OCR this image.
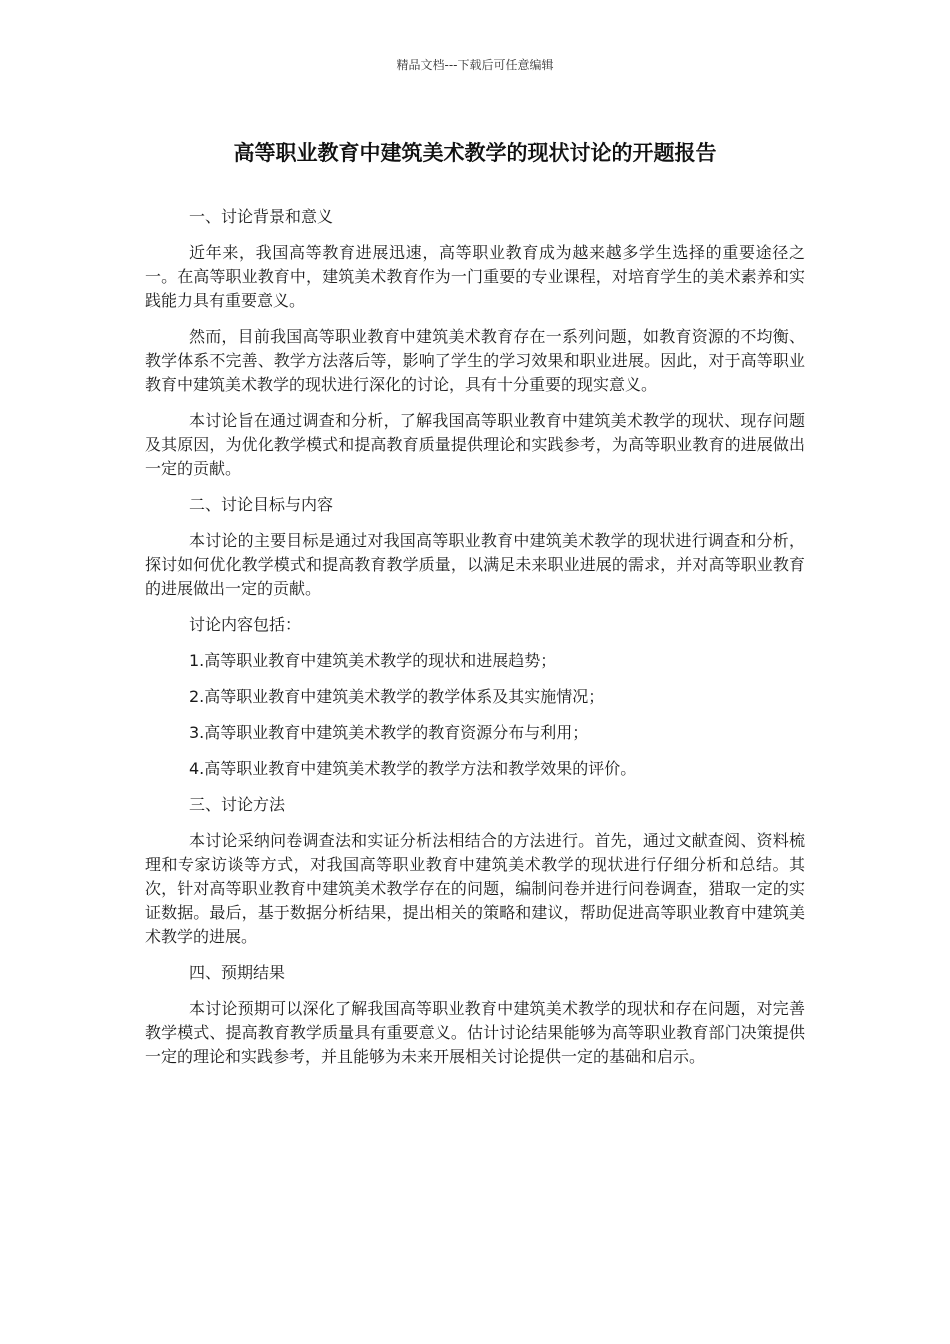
精品文档---下载后可任意编辑
高等职业教育中建筑美术教学的现状讨论的开题报告

一、讨论背景和意义

近年来，我国高等教育进展迅速，高等职业教育成为越来越多学生选择的重要途径之一。在高等职业教育中，建筑美术教育作为一门重要的专业课程，对培育学生的美术素养和实践能力具有重要意义。

然而，目前我国高等职业教育中建筑美术教育存在一系列问题，如教育资源的不均衡、教学体系不完善、教学方法落后等，影响了学生的学习效果和职业进展。因此，对于高等职业教育中建筑美术教学的现状进行深化的讨论，具有十分重要的现实意义。

本讨论旨在通过调查和分析，了解我国高等职业教育中建筑美术教学的现状、现存问题及其原因，为优化教学模式和提高教育质量提供理论和实践参考，为高等职业教育的进展做出一定的贡献。

二、讨论目标与内容

本讨论的主要目标是通过对我国高等职业教育中建筑美术教学的现状进行调查和分析，探讨如何优化教学模式和提高教育教学质量，以满足未来职业进展的需求，并对高等职业教育的进展做出一定的贡献。

讨论内容包括：

1.高等职业教育中建筑美术教学的现状和进展趋势；

2.高等职业教育中建筑美术教学的教学体系及其实施情况；

3.高等职业教育中建筑美术教学的教育资源分布与利用；

4.高等职业教育中建筑美术教学的教学方法和教学效果的评价。

三、讨论方法

本讨论采纳问卷调查法和实证分析法相结合的方法进行。首先，通过文献查阅、资料梳理和专家访谈等方式，对我国高等职业教育中建筑美术教学的现状进行仔细分析和总结。其次，针对高等职业教育中建筑美术教学存在的问题，编制问卷并进行问卷调查，猎取一定的实证数据。最后，基于数据分析结果，提出相关的策略和建议，帮助促进高等职业教育中建筑美术教学的进展。

四、预期结果

本讨论预期可以深化了解我国高等职业教育中建筑美术教学的现状和存在问题，对完善教学模式、提高教育教学质量具有重要意义。估计讨论结果能够为高等职业教育部门决策提供一定的理论和实践参考，并且能够为未来开展相关讨论提供一定的基础和启示。
